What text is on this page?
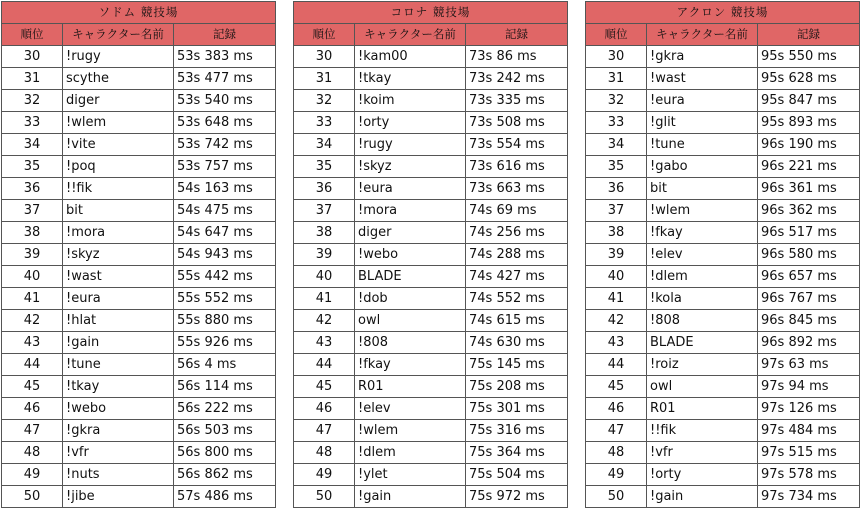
ソドム 競技場		
順位	キャラクター名前	記録
30	!rugy	53s 383 ms
31	scythe	53s 477 ms
32	diger	53s 540 ms
33	!wlem	53s 648 ms
34	!vite	53s 742 ms
35	!poq	53s 757 ms
36	!!fik	54s 163 ms
37	bit	54s 475 ms
38	!mora	54s 647 ms
39	!skyz	54s 943 ms
40	!wast	55s 442 ms
41	!eura	55s 552 ms
42	!hlat	55s 880 ms
43	!gain	55s 926 ms
44	!tune	56s 4 ms
45	!tkay	56s 114 ms
46	!webo	56s 222 ms
47	!gkra	56s 503 ms
48	!vfr	56s 800 ms
49	!nuts	56s 862 ms
50	!jibe	57s 486 ms
コロナ 競技場		
順位	キャラクター名前	記録
30	!kam00	73s 86 ms
31	!tkay	73s 242 ms
32	!koim	73s 335 ms
33	!orty	73s 508 ms
34	!rugy	73s 554 ms
35	!skyz	73s 616 ms
36	!eura	73s 663 ms
37	!mora	74s 69 ms
38	diger	74s 256 ms
39	!webo	74s 288 ms
40	BLADE	74s 427 ms
41	!dob	74s 552 ms
42	owl	74s 615 ms
43	!808	74s 630 ms
44	!fkay	75s 145 ms
45	R01	75s 208 ms
46	!elev	75s 301 ms
47	!wlem	75s 316 ms
48	!dlem	75s 364 ms
49	!ylet	75s 504 ms
50	!gain	75s 972 ms
アクロン 競技場		
順位	キャラクター名前	記録
30	!gkra	95s 550 ms
31	!wast	95s 628 ms
32	!eura	95s 847 ms
33	!glit	95s 893 ms
34	!tune	96s 190 ms
35	!gabo	96s 221 ms
36	bit	96s 361 ms
37	!wlem	96s 362 ms
38	!fkay	96s 517 ms
39	!elev	96s 580 ms
40	!dlem	96s 657 ms
41	!kola	96s 767 ms
42	!808	96s 845 ms
43	BLADE	96s 892 ms
44	!roiz	97s 63 ms
45	owl	97s 94 ms
46	R01	97s 126 ms
47	!!fik	97s 484 ms
48	!vfr	97s 515 ms
49	!orty	97s 578 ms
50	!gain	97s 734 ms
